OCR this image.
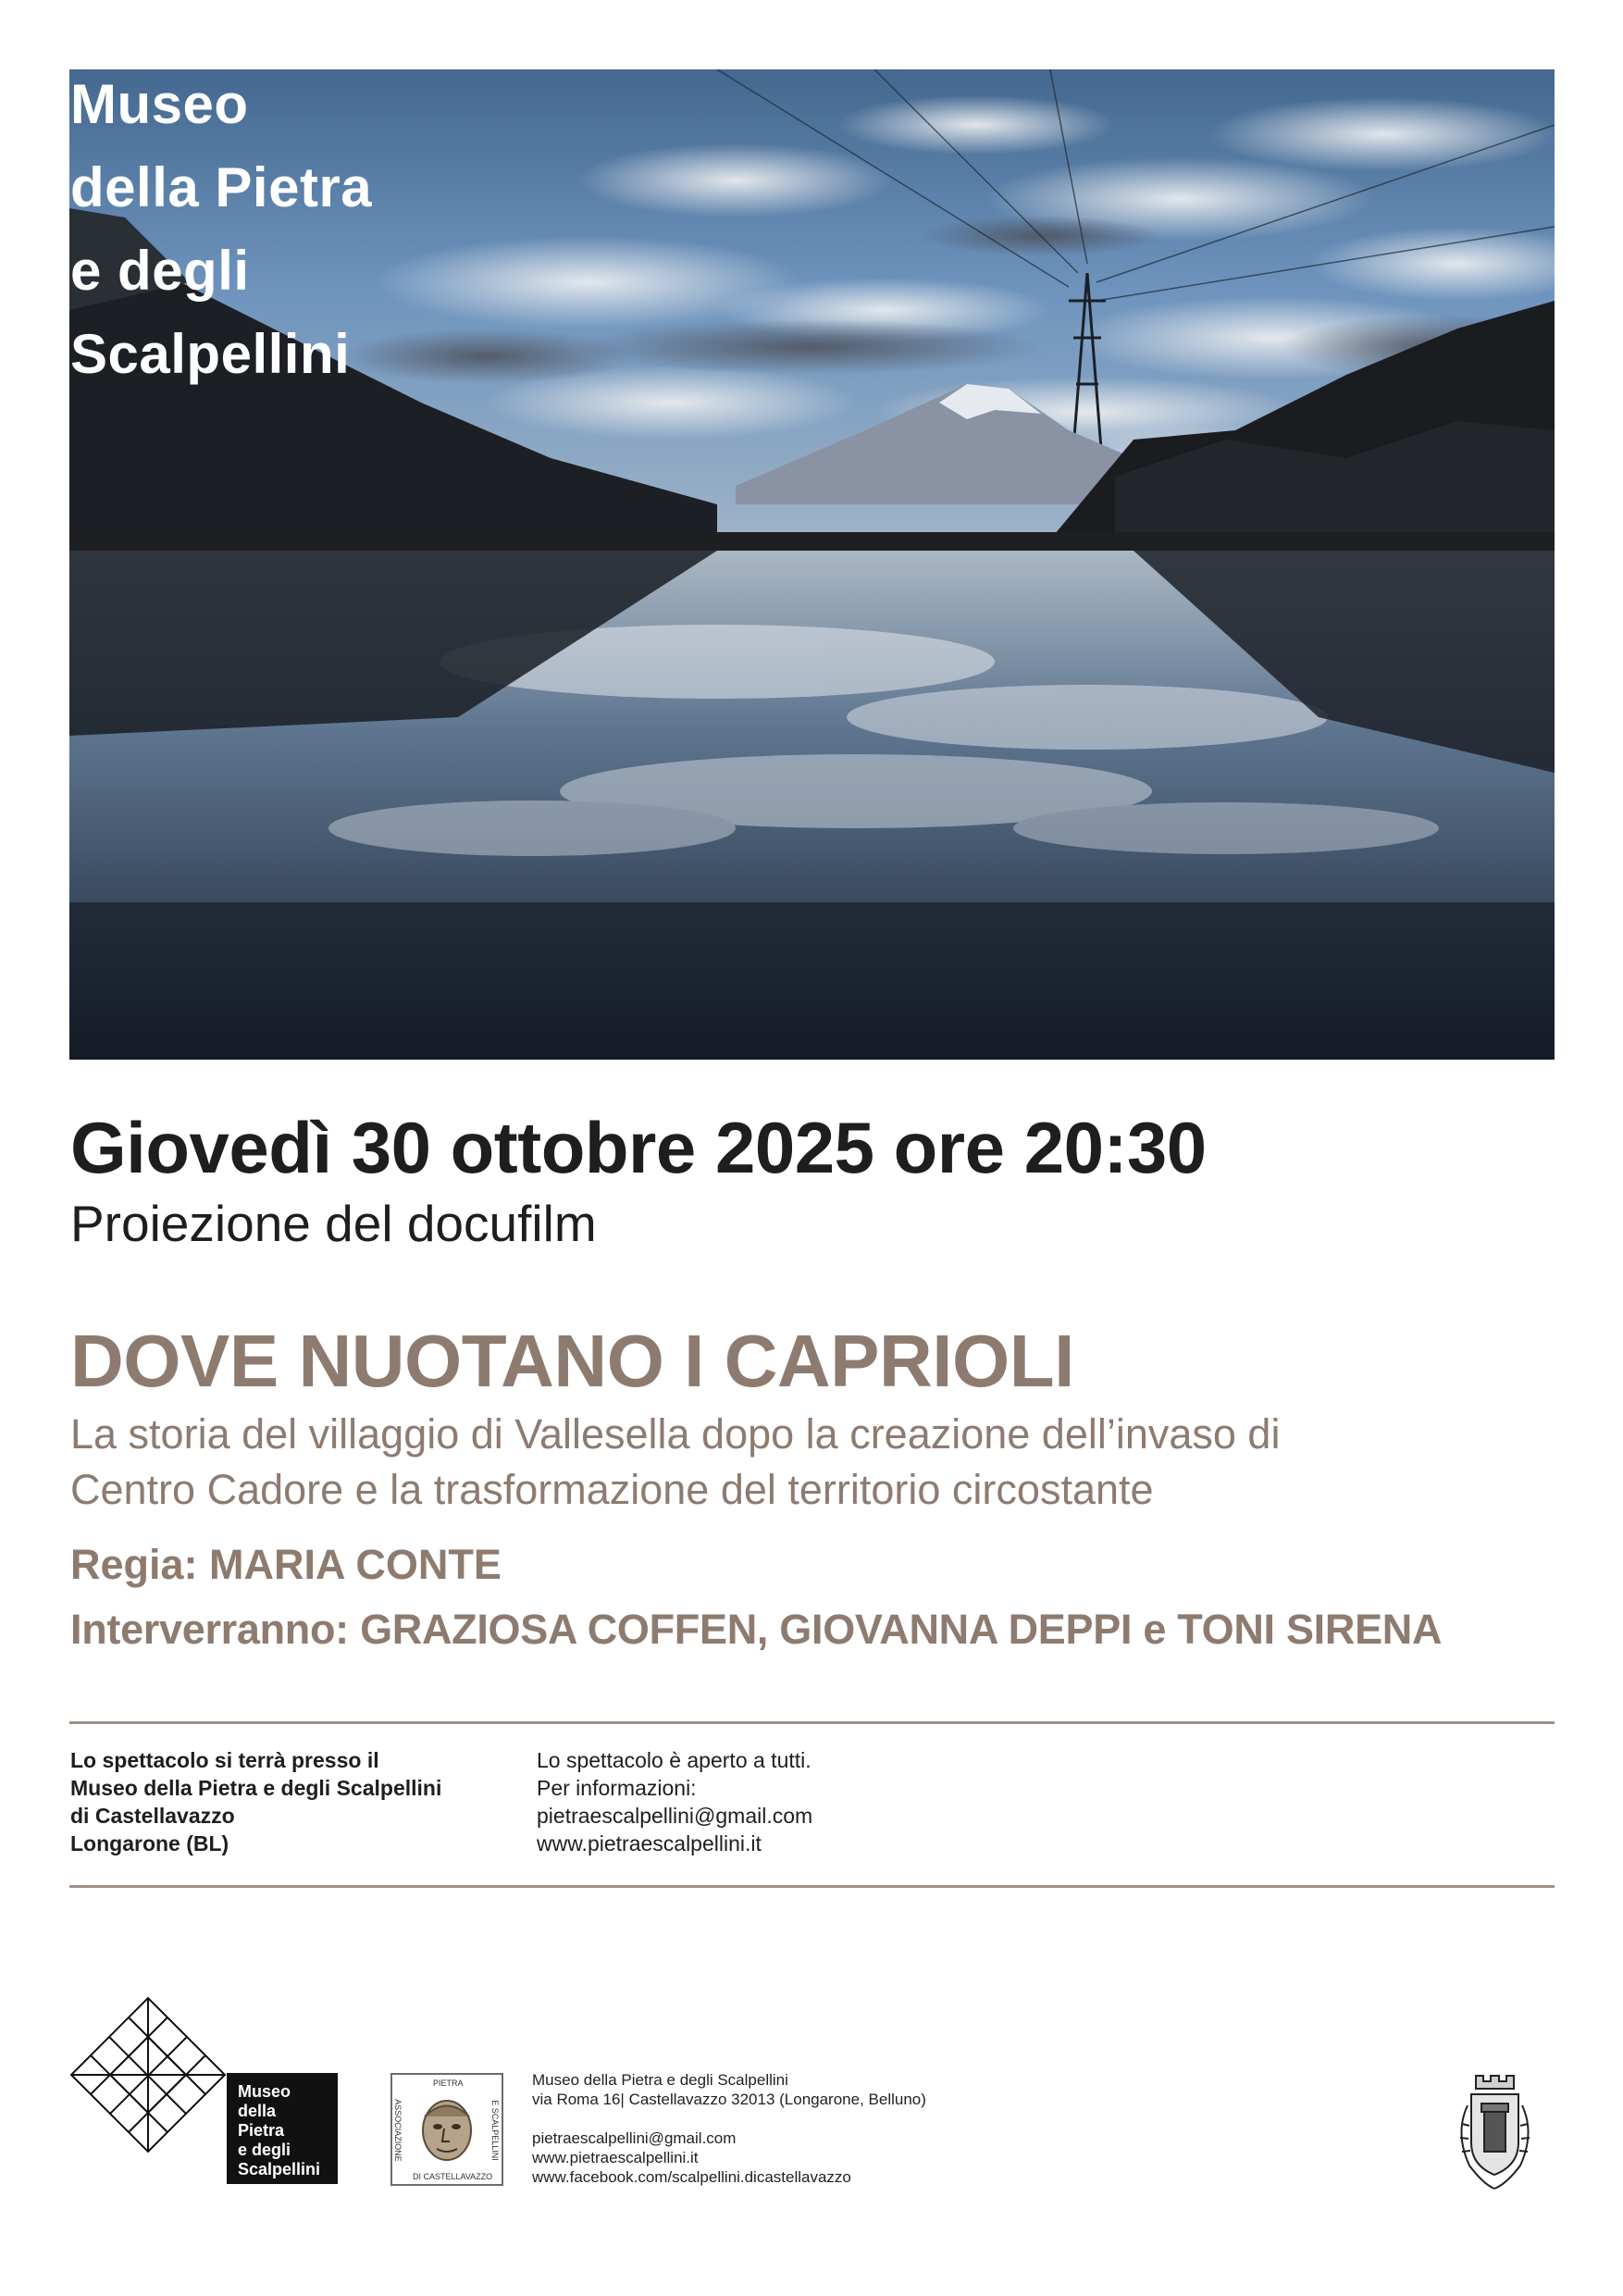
Museo
della Pietra
e degli
Scalpellini
Giovedì 30 ottobre 2025 ore 20:30
Proiezione del docufilm
DOVE NUOTANO I CAPRIOLI
La storia del villaggio di Vallesella dopo la creazione dell’invaso di
Centro Cadore e la trasformazione del territorio circostante
Regia: MARIA CONTE
Interverranno: GRAZIOSA COFFEN, GIOVANNA DEPPI e TONI SIRENA
Lo spettacolo si terrà presso il
Museo della Pietra e degli Scalpellini
di Castellavazzo
Longarone (BL)
Lo spettacolo è aperto a tutti.
Per informazioni:
pietraescalpellini@gmail.com
www.pietraescalpellini.it
Museo
della
Pietra
e degli
Scalpellini
PIETRA
ASSOCIAZIONE	E SCALPELLINI
DI CASTELLAVAZZO
Museo della Pietra e degli Scalpellini
via Roma 16| Castellavazzo 32013 (Longarone, Belluno)
pietraescalpellini@gmail.com
www.pietraescalpellini.it
www.facebook.com/scalpellini.dicastellavazzo
